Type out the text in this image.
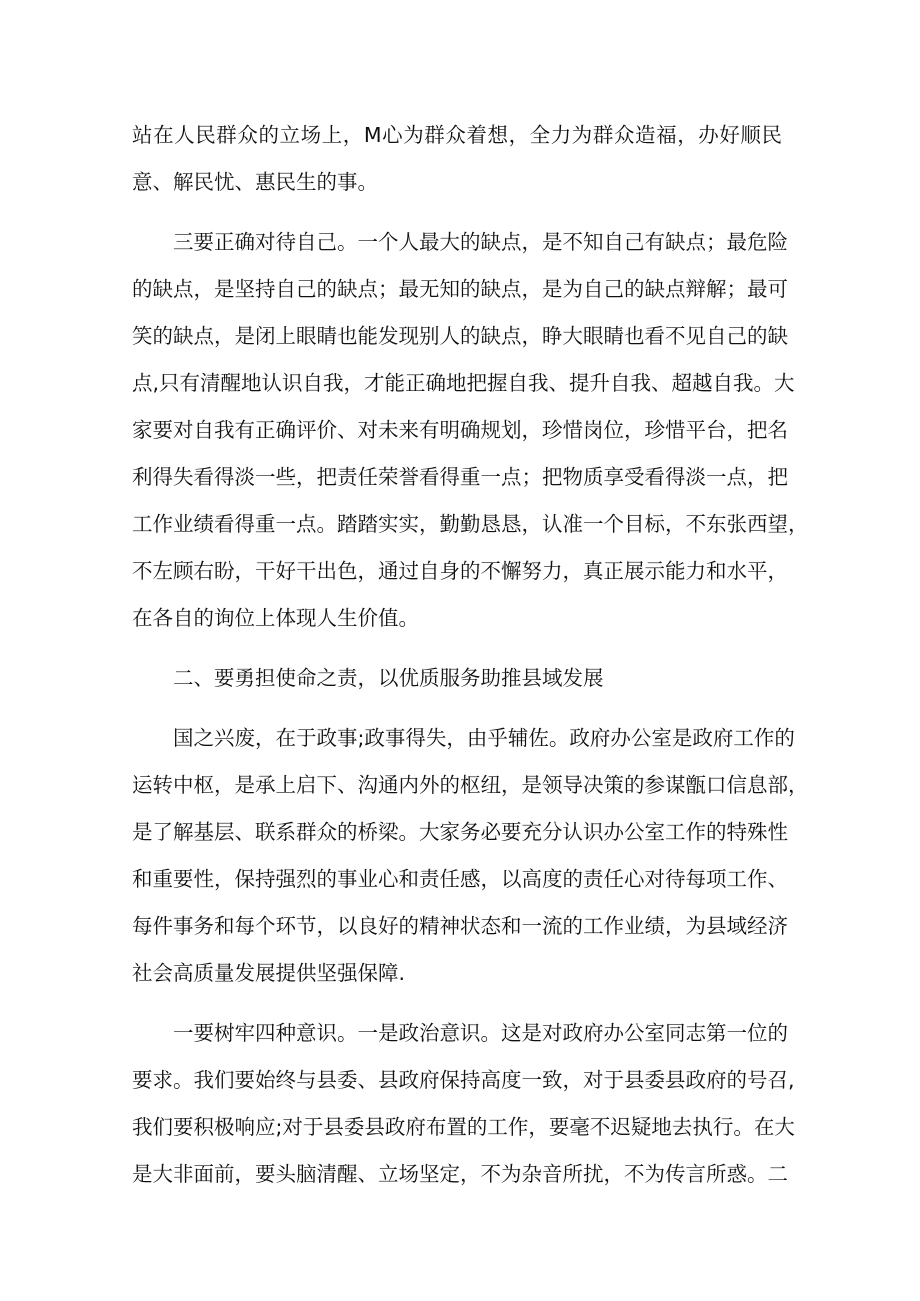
站在人民群众的立场上，M心为群众着想，全力为群众造福，办好顺民
意、解民忧、惠民生的事。

　　三要正确对待自己。一个人最大的缺点，是不知自己有缺点；最危险
的缺点，是坚持自己的缺点；最无知的缺点，是为自己的缺点辩解；最可
笑的缺点，是闭上眼睛也能发现别人的缺点，睁大眼睛也看不见自己的缺
点,只有清醒地认识自我，才能正确地把握自我、提升自我、超越自我。大
家要对自我有正确评价、对未来有明确规划，珍惜岗位，珍惜平台，把名
利得失看得淡一些，把责任荣誉看得重一点；把物质享受看得淡一点，把
工作业绩看得重一点。踏踏实实，勤勤恳恳，认准一个目标，不东张西望，
不左顾右盼，干好干出色，通过自身的不懈努力，真正展示能力和水平，
在各自的询位上体现人生价值。

　　二、要勇担使命之责，以优质服务助推县域发展

　　国之兴废，在于政事;政事得失，由乎辅佐。政府办公室是政府工作的
运转中枢，是承上启下、沟通内外的枢纽，是领导决策的参谋甑口信息部，
是了解基层、联系群众的桥梁。大家务必要充分认识办公室工作的特殊性
和重要性，保持强烈的事业心和责任感，以高度的责任心对待每项工作、
每件事务和每个环节，以良好的精神状态和一流的工作业绩，为县域经济
社会高质量发展提供坚强保障.

　　一要树牢四种意识。一是政治意识。这是对政府办公室同志第一位的
要求。我们要始终与县委、县政府保持高度一致，对于县委县政府的号召,
我们要积极响应;对于县委县政府布置的工作，要毫不迟疑地去执行。在大
是大非面前，要头脑清醒、立场坚定，不为杂音所扰，不为传言所惑。二
